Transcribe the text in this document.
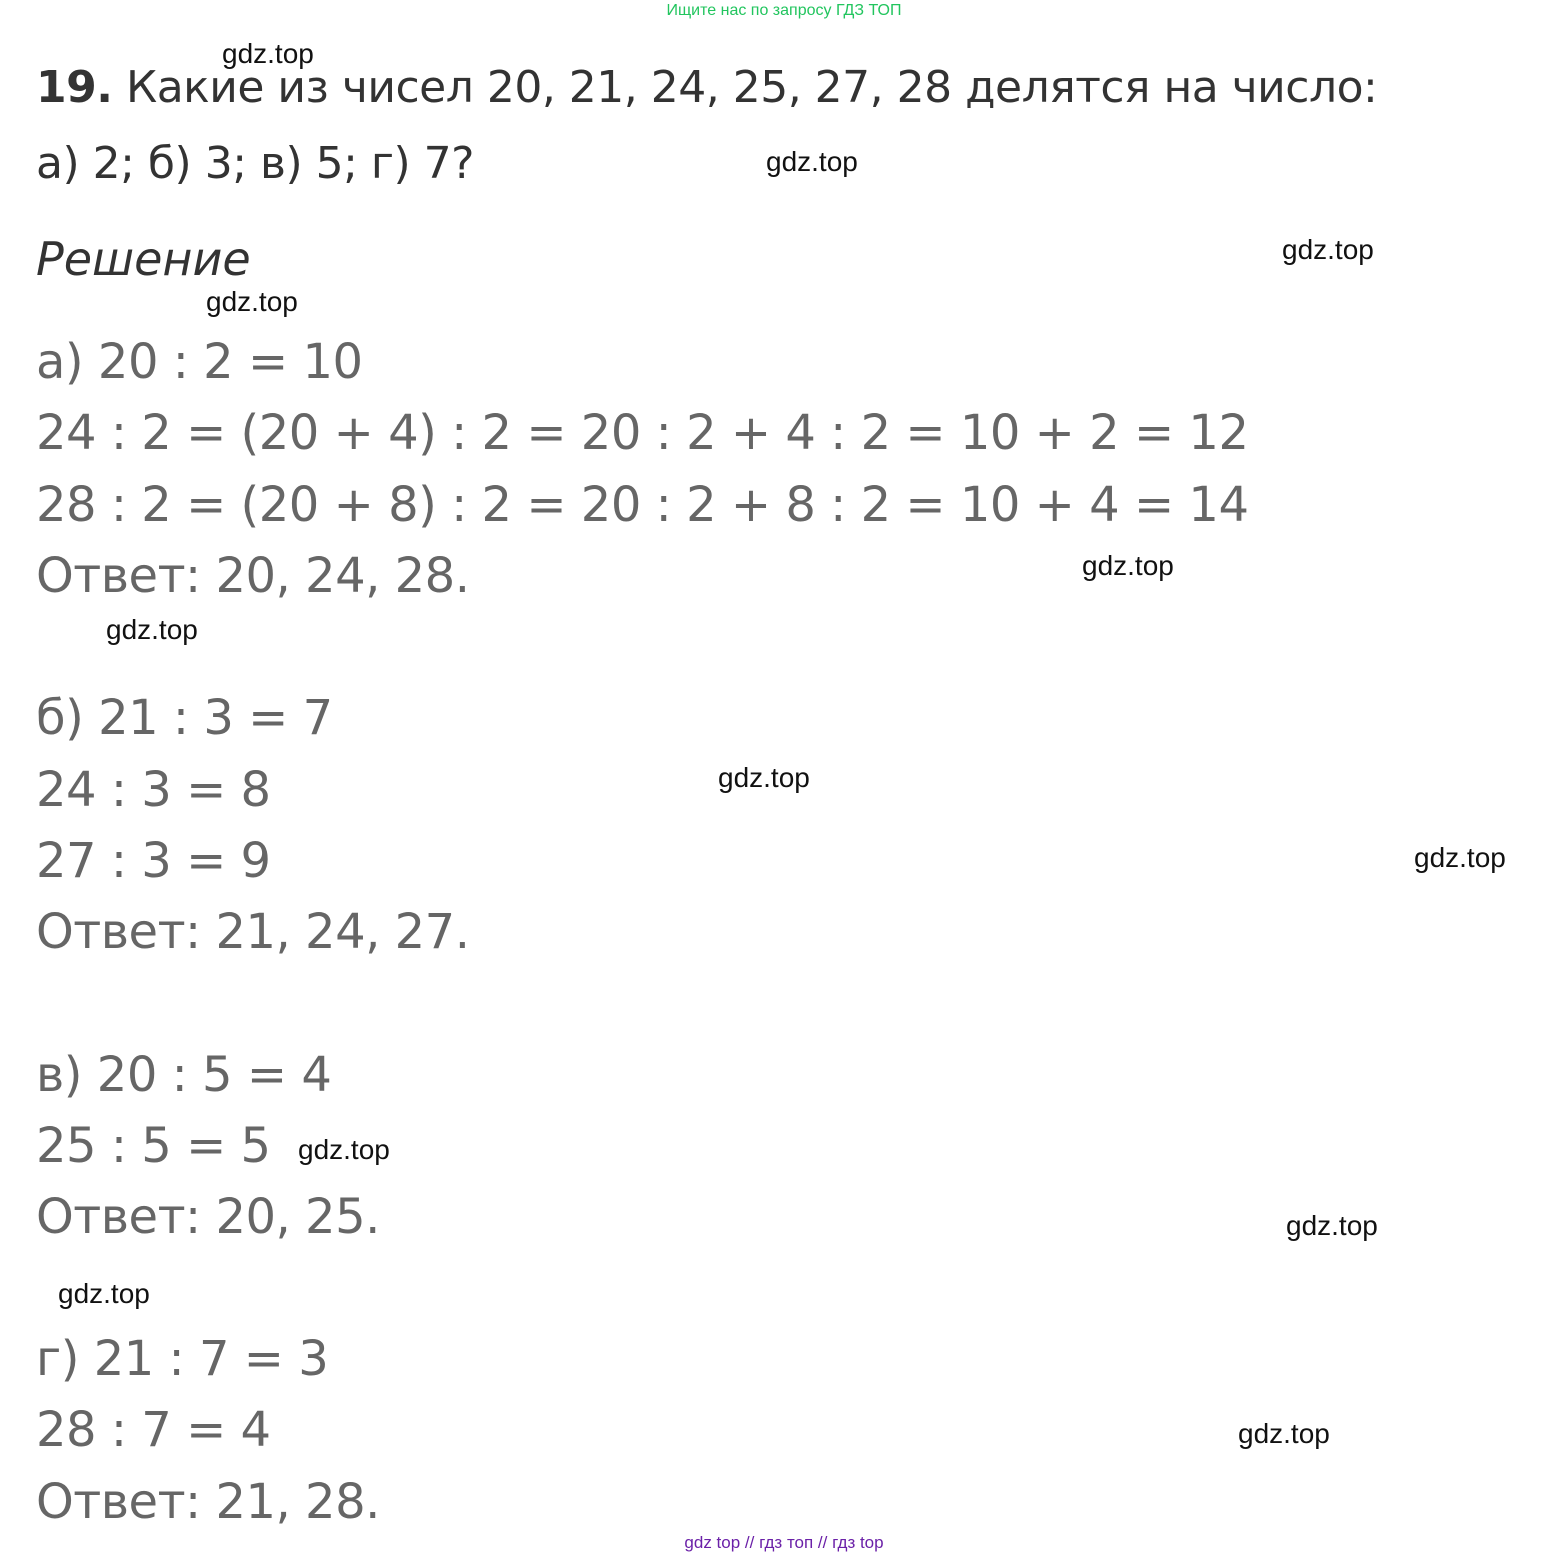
Ищите нас по запросу ГДЗ ТОП
19. Какие из чисел 20, 21, 24, 25, 27, 28 делятся на число:
а) 2; б) 3; в) 5; г) 7?
Решение
а) 20 : 2 = 10
24 : 2 = (20 + 4) : 2 = 20 : 2 + 4 : 2 = 10 + 2 = 12
28 : 2 = (20 + 8) : 2 = 20 : 2 + 8 : 2 = 10 + 4 = 14
Ответ: 20, 24, 28.
б) 21 : 3 = 7
24 : 3 = 8
27 : 3 = 9
Ответ: 21, 24, 27.
в) 20 : 5 = 4
25 : 5 = 5
Ответ: 20, 25.
г) 21 : 7 = 3
28 : 7 = 4
Ответ: 21, 28.
gdz.top
gdz.top
gdz.top
gdz.top
gdz.top
gdz.top
gdz.top
gdz.top
gdz.top
gdz.top
gdz.top
gdz.top
gdz top // гдз топ // гдз top
